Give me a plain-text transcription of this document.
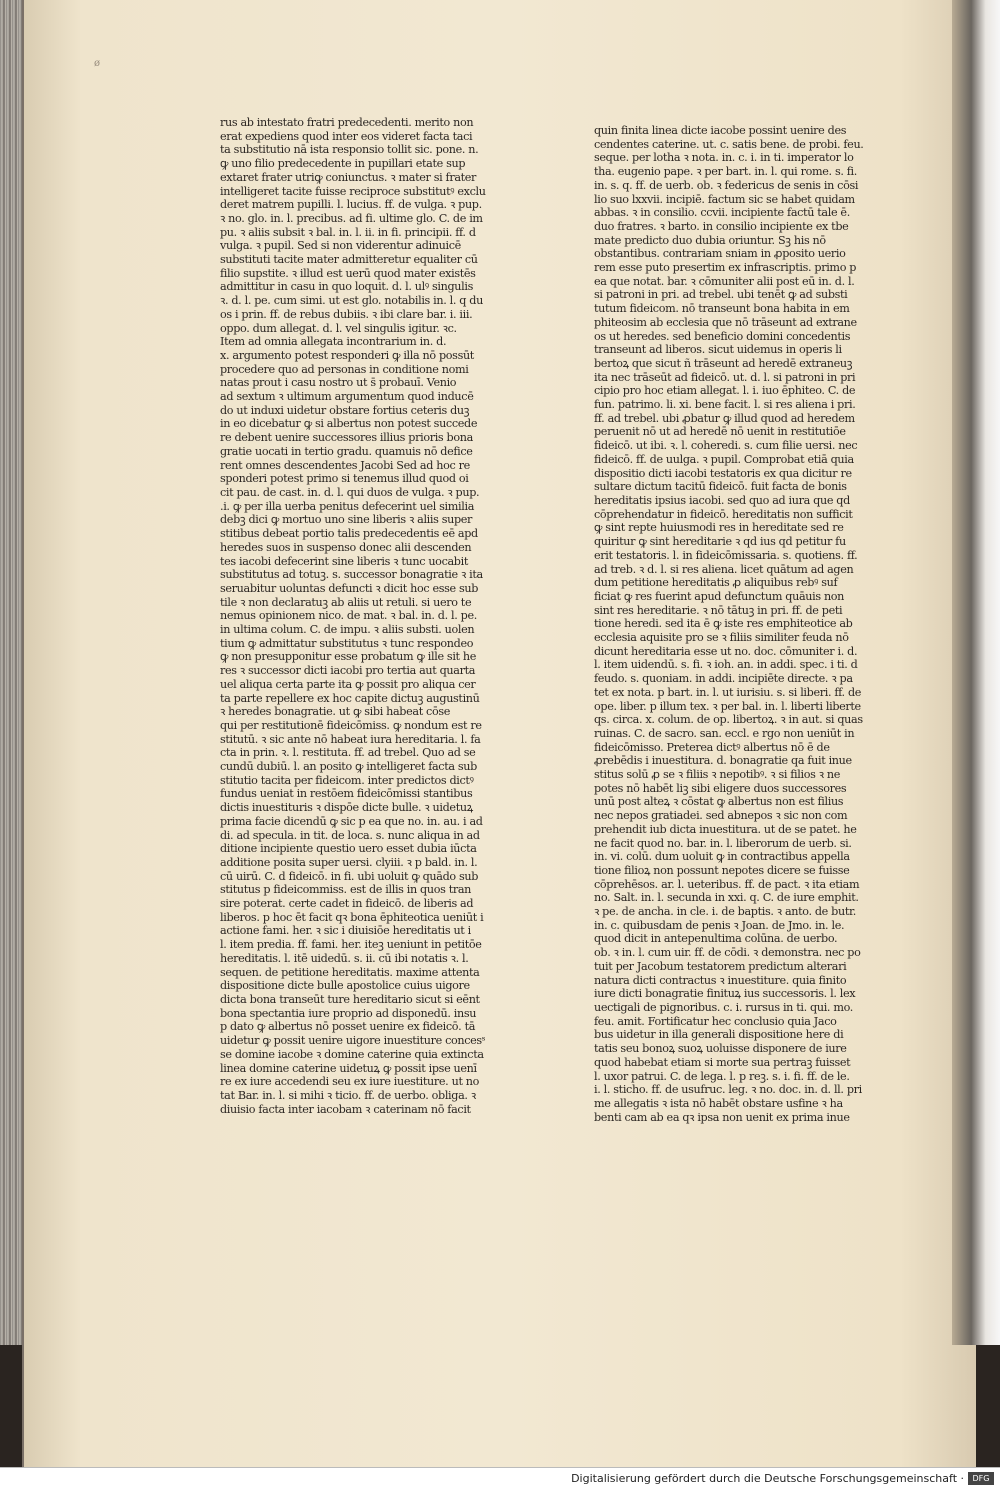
ø
rus ab intestato fratri predecedenti. merito non
erat expediens quod inter eos videret facta taci
ta substitutio nā ista responsio tollit sic. pone. n.
ꝙ uno filio predecedente in pupillari etate sup
extaret frater utriꝙ coniunctus. ꝛ mater si frater
intelligeret tacite fuisse reciproce substitutꝰ exclu
deret matrem pupilli. l. lucius. ff. de vulga. ꝛ pup.
ꝛ no. glo. in. l. precibus. ad fi. ultime glo. C. de im
pu. ꝛ aliis subsit ꝛ bal. in. l. ii. in fi. principii. ff. d
vulga. ꝛ pupil. Sed si non viderentur adinuicē
substituti tacite mater admitteretur equaliter cū
filio supstite. ꝛ illud est uerū quod mater existēs
admittitur in casu in quo loquit. d. l. ulꝰ singulis
ꝛ. d. l. pe. cum simi. ut est glo. notabilis in. l. q du
os i prin. ff. de rebus dubiis. ꝛ ibi clare bar. i. iii.
oppo. dum allegat. d. l. vel singulis igitur. ꝛc.
Item ad omnia allegata incontrarium in. d.
x. argumento potest responderi ꝙ illa nō possūt
procedere quo ad personas in conditione nomi
natas prout i casu nostro ut s̄ probauī. Venio
ad sextum ꝛ ultimum argumentum quod inducē
do ut induxi uidetur obstare fortius ceteris duꝫ
in eo dicebatur ꝙ si albertus non potest succede
re debent uenire successores illius prioris bona
gratie uocati in tertio gradu. quamuis nō defice
rent omnes descendentes Jacobi Sed ad hoc re
sponderi potest primo si tenemus illud quod oi
cit pau. de cast. in. d. l. qui duos de vulga. ꝛ pup.
.i. ꝙ per illa uerba penitus defecerint uel similia
debꝫ dici ꝙ mortuo uno sine liberis ꝛ aliis super
stitibus debeat portio talis predecedentis eē apd
heredes suos in suspenso donec alii descenden
tes iacobi defecerint sine liberis ꝛ tunc uocabit
substitutus ad totuꝫ. s. successor bonagratie ꝛ ita
seruabitur uoluntas defuncti ꝛ dicit hoc esse sub
tile ꝛ non declaratuꝫ ab aliis ut retuli. si uero te
nemus opinionem nico. de mat. ꝛ bal. in. d. l. pe.
in ultima colum. C. de impu. ꝛ aliis substi. uolen
tium ꝙ admittatur substitutus ꝛ tunc respondeo
ꝙ non presupponitur esse probatum ꝙ ille sit he
res ꝛ successor dicti iacobi pro tertia aut quarta
uel aliqua certa parte ita ꝙ possit pro aliqua cer
ta parte repellere ex hoc capite dictuꝫ augustinū
ꝛ heredes bonagratie. ut ꝙ sibi habeat cōse
qui per restitutionē fideicōmiss. ꝙ nondum est re
stitutū. ꝛ sic ante nō habeat iura hereditaria. l. fa
cta in prin. ꝛ. l. restituta. ff. ad trebel. Quo ad se
cundū dubiū. l. an posito ꝙ intelligeret facta sub
stitutio tacita per fideicom. inter predictos dictꝰ
fundus ueniat in restōem fideicōmissi stantibus
dictis inuestituris ꝛ dispōe dicte bulle. ꝛ uidetuꝝ
prima facie dicendū ꝙ sic p ea que no. in. au. i ad
di. ad specula. in tit. de loca. s. nunc aliqua in ad
ditione incipiente questio uero esset dubia iūcta
additione posita super uersi. clyiii. ꝛ p bald. in. l.
cū uirū. C. d fideicō. in fi. ubi uoluit ꝙ quādo sub
stitutus p fideicommiss. est de illis in quos tran
sire poterat. certe cadet in fideicō. de liberis ad
liberos. p hoc ēt facit qꝛ bona ēphiteotica ueniūt i
actione fami. her. ꝛ sic i diuisiōe hereditatis ut i
l. item predia. ff. fami. her. iteꝫ ueniunt in petitōe
hereditatis. l. itē uidedū. s. ii. cū ibi notatis ꝛ. l.
sequen. de petitione hereditatis. maxime attenta
dispositione dicte bulle apostolice cuius uigore
dicta bona transeūt ture hereditario sicut si eēnt
bona spectantia iure proprio ad disponedū. insu
p dato ꝙ albertus nō posset uenire ex fideicō. tā
uidetur ꝙ possit uenire uigore inuestiture concesˢ
se domine iacobe ꝛ domine caterine quia extincta
linea domine caterine uidetuꝝ ꝙ possit ipse uenī
re ex iure accedendi seu ex iure iuestiture. ut no
tat Bar. in. l. si mihi ꝛ ticio. ff. de uerbo. obliga. ꝛ
diuisio facta inter iacobam ꝛ caterinam nō facit
quin finita linea dicte iacobe possint uenire des
cendentes caterine. ut. c. satis bene. de probi. feu.
seque. per lotha ꝛ nota. in. c. i. in ti. imperator lo
tha. eugenio pape. ꝛ per bart. in. l. qui rome. s. fi.
in. s. q. ff. de uerb. ob. ꝛ federicus de senis in cōsi
lio suo lxxvii. incipiē. factum sic se habet quidam
abbas. ꝛ in consilio. ccvii. incipiente factū tale ē.
duo fratres. ꝛ barto. in consilio incipiente ex tbe
mate predicto duo dubia oriuntur. Sꝫ his nō
obstantibus. contrariam sniam in ꝓposito uerio
rem esse puto presertim ex infrascriptis. primo p
ea que notat. bar. ꝛ cōmuniter alii post eū in. d. l.
si patroni in pri. ad trebel. ubi tenēt ꝙ ad substi
tutum fideicom. nō transeunt bona habita in em
phiteosim ab ecclesia que nō trāseunt ad extrane
os ut heredes. sed beneficio domini concedentis
transeunt ad liberos. sicut uidemus in operis li
bertoꝝ que sicut ñ trāseunt ad heredē extraneuꝫ
ita nec trāseūt ad fideicō. ut. d. l. si patroni in pri
cipio pro hoc etiam allegat. l. i. iuo ēphiteo. C. de
fun. patrimo. li. xi. bene facit. l. si res aliena i pri.
ff. ad trebel. ubi ꝓbatur ꝙ illud quod ad heredem
peruenit nō ut ad heredē nō uenit in restitutiōe
fideicō. ut ibi. ꝛ. l. coheredi. s. cum filie uersi. nec
fideicō. ff. de uulga. ꝛ pupil. Comprobat etiā quia
dispositio dicti iacobi testatoris ex qua dicitur re
sultare dictum tacitū fideicō. fuit facta de bonis
hereditatis ipsius iacobi. sed quo ad iura que qd
cōprehendatur in fideicō. hereditatis non sufficit
ꝙ sint repte huiusmodi res in hereditate sed re
quiritur ꝙ sint hereditarie ꝛ qd ius qd petitur fu
erit testatoris. l. in fideicōmissaria. s. quotiens. ff.
ad treb. ꝛ d. l. si res aliena. licet quātum ad agen
dum petitione hereditatis ꝓ aliquibus rebꝰ suf
ficiat ꝙ res fuerint apud defunctum quāuis non
sint res hereditarie. ꝛ nō tātuꝫ in pri. ff. de peti
tione heredi. sed ita ē ꝙ iste res emphiteotice ab
ecclesia aquisite pro se ꝛ filiis similiter feuda nō
dicunt hereditaria esse ut no. doc. cōmuniter i. d.
l. item uidendū. s. fi. ꝛ ioh. an. in addi. spec. i ti. d
feudo. s. quoniam. in addi. incipiēte directe. ꝛ pa
tet ex nota. p bart. in. l. ut iurisiu. s. si liberi. ff. de
ope. liber. p illum tex. ꝛ per bal. in. l. liberti liberte
qs. circa. x. colum. de op. libertoꝝ. ꝛ in aut. si quas
ruinas. C. de sacro. san. eccl. e rgo non ueniūt in
fideicōmisso. Preterea dictꝰ albertus nō ē de
ꝓrebēdis i inuestitura. d. bonagratie qa fuit inue
stitus solū ꝓ se ꝛ filiis ꝛ nepotibꝰ. ꝛ si filios ꝛ ne
potes nō habēt liꝫ sibi eligere duos successores
unū post alteꝝ ꝛ cōstat ꝙ albertus non est filius
nec nepos gratiadei. sed abnepos ꝛ sic non com
prehendit iub dicta inuestitura. ut de se patet. he
ne facit quod no. bar. in. l. liberorum de uerb. si.
in. vi. colū. dum uoluit ꝙ in contractibus appella
tione filioꝝ non possunt nepotes dicere se fuisse
cōprehēsos. ar. l. ueteribus. ff. de pact. ꝛ ita etiam
no. Salt. in. l. secunda in xxi. q. C. de iure emphit.
ꝛ pe. de ancha. in cle. i. de baptis. ꝛ anto. de butr.
in. c. quibusdam de penis ꝛ Joan. de Jmo. in. le.
quod dicit in antepenultima colūna. de uerbo.
ob. ꝛ in. l. cum uir. ff. de cōdi. ꝛ demonstra. nec po
tuit per Jacobum testatorem predictum alterari
natura dicti contractus ꝛ inuestiture. quia finito
iure dicti bonagratie finituꝝ ius successoris. l. lex
uectigali de pignoribus. c. i. rursus in ti. qui. mo.
feu. amit. Fortificatur hec conclusio quia Jaco
bus uidetur in illa generali dispositione here di
tatis seu bonoꝝ suoꝝ uoluisse disponere de iure
quod habebat etiam si morte sua pertraꝫ fuisset
l. uxor patrui. C. de lega. l. p reꝫ. s. i. fi. ff. de le.
i. l. sticho. ff. de usufruc. leg. ꝛ no. doc. in. d. ll. pri
me allegatis ꝛ ista nō habēt obstare usfine ꝛ ha
benti cam ab ea qꝛ ipsa non uenit ex prima inue
Digitalisierung gefördert durch die Deutsche Forschungsgemeinschaft ·	DFG
